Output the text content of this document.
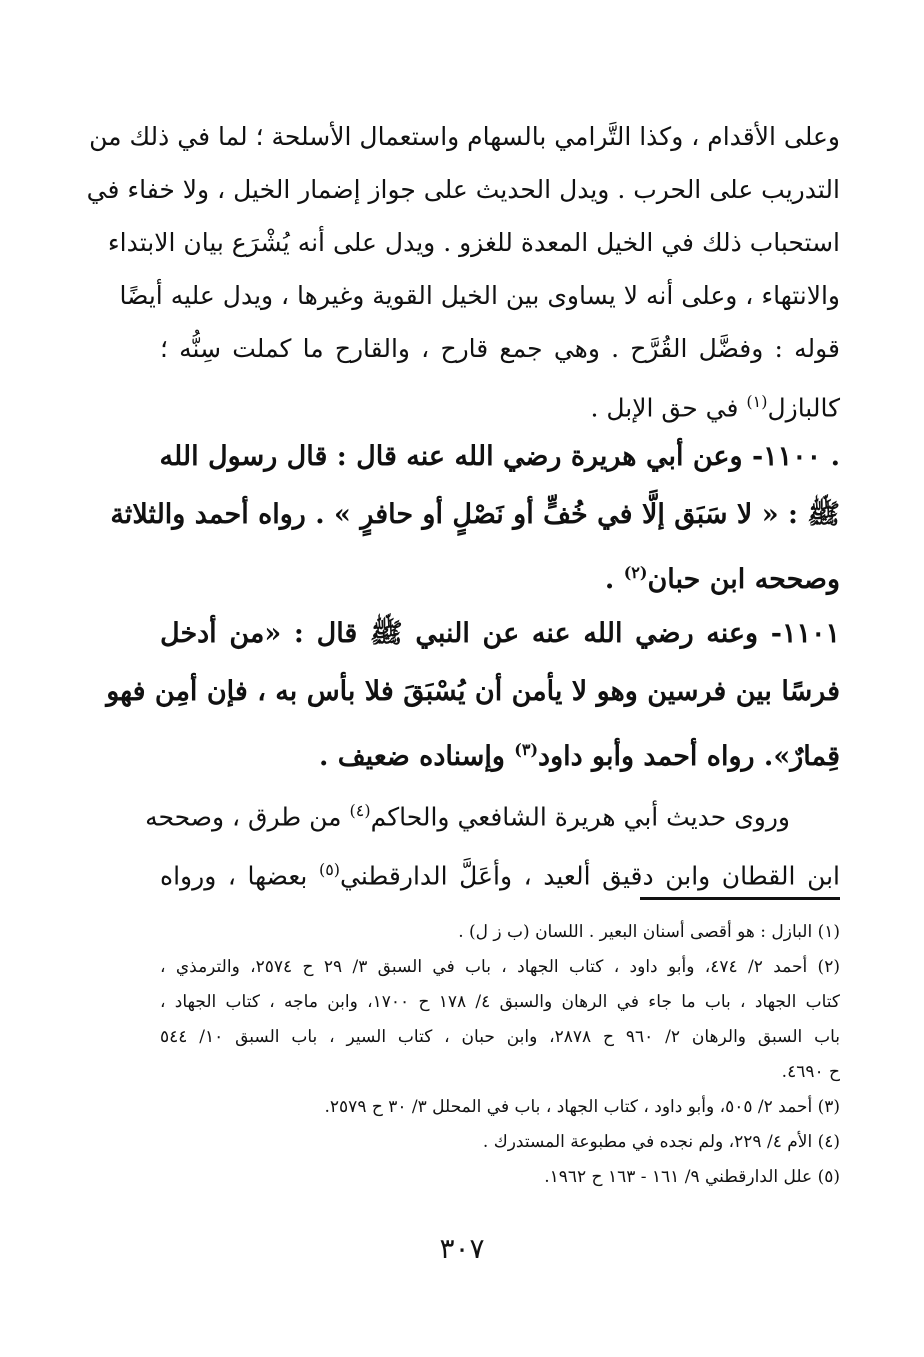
وعلى الأقدام ، وكذا التَّرامي بالسهام واستعمال الأسلحة ؛ لما في ذلك من
التدريب على الحرب . ويدل الحديث على جواز إضمار الخيل ، ولا خفاء في
استحباب ذلك في الخيل المعدة للغزو . ويدل على أنه يُشْرَع بيان الابتداء
والانتهاء ، وعلى أنه لا يساوى بين الخيل القوية وغيرها ، ويدل عليه أيضًا
قوله : وفضَّل القُرَّح . وهي جمع قارح ، والقارح ما كملت سِنُّه ؛
كالبازل$^{(١)}$ في حق الإبل .
. ١١٠٠- وعن أبي هريرة رضي الله عنه قال : قال رسول الله
ﷺ : « لا سَبَق إلَّا في خُفٍّ أو نَصْلٍ أو حافرٍ » . رواه أحمد والثلاثة
وصححه ابن حبان$^{(٢)}$ .
١١٠١- وعنه رضي الله عنه عن النبي ﷺ قال : «من أدخل
فرسًا بين فرسين وهو لا يأمن أن يُسْبَقَ فلا بأس به ، فإن أمِن فهو
قِمارٌ». رواه أحمد وأبو داود$^{(٣)}$ وإسناده ضعيف .
وروى حديث أبي هريرة الشافعي والحاكم$^{(٤)}$ من طرق ، وصححه
ابن القطان وابن دقيق ألعيد ، وأعَلَّ الدارقطني$^{(٥)}$ بعضها ، ورواه
(١) البازل : هو أقصى أسنان البعير . اللسان (ب ز ل) .
(٢) أحمد ٢/ ٤٧٤، وأبو داود ، كتاب الجهاد ، باب في السبق ٣/ ٢٩ ح ٢٥٧٤، والترمذي ،
كتاب الجهاد ، باب ما جاء في الرهان والسبق ٤/ ١٧٨ ح ١٧٠٠، وابن ماجه ، كتاب الجهاد ،
باب السبق والرهان ٢/ ٩٦٠ ح ٢٨٧٨، وابن حبان ، كتاب السير ، باب السبق ١٠/ ٥٤٤
ح ٤٦٩٠.
(٣) أحمد ٢/ ٥٠٥، وأبو داود ، كتاب الجهاد ، باب في المحلل ٣/ ٣٠ ح ٢٥٧٩.
(٤) الأم ٤/ ٢٢٩، ولم نجده في مطبوعة المستدرك .
(٥) علل الدارقطني ٩/ ١٦١ - ١٦٣ ح ١٩٦٢.
٣٠٧
